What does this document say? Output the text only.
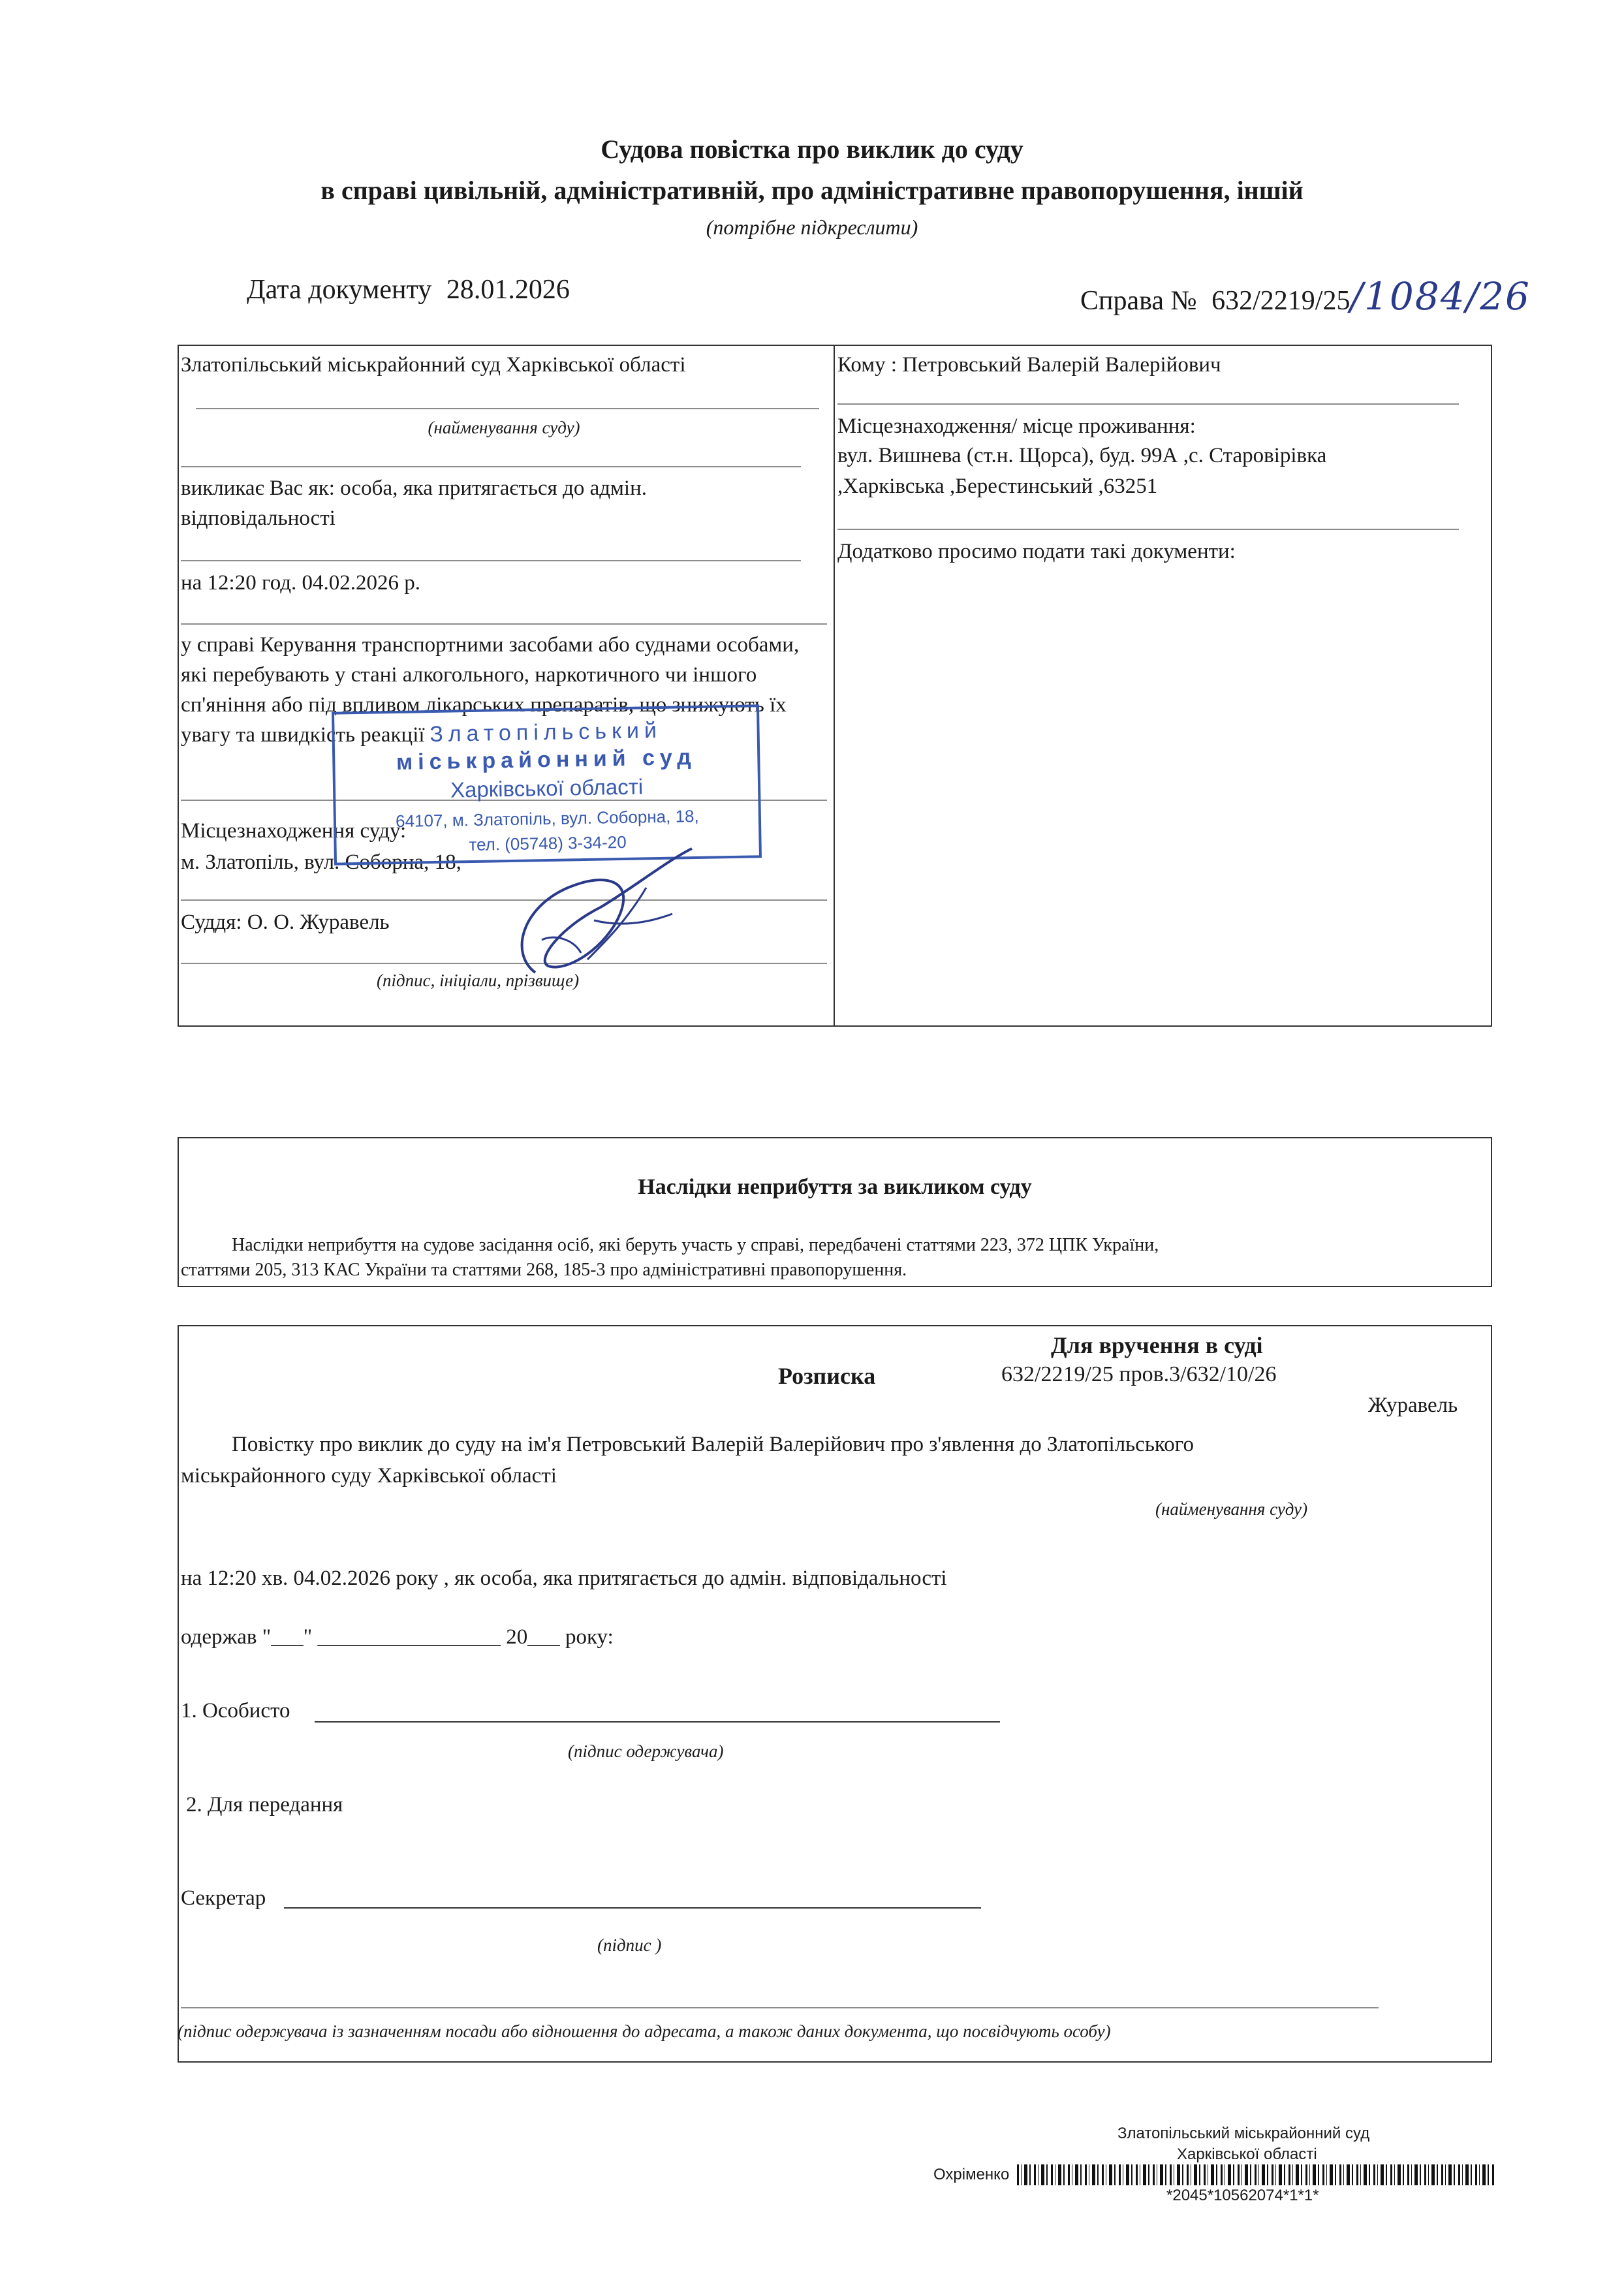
Судова повістка про виклик до суду
в справі цивільній, адміністративній, про адміністративне правопорушення, іншій
(потрібне підкреслити)
Дата документу 28.01.2026	Справа № 632/2219/25/1084/26
Златопільський міськрайонний суд Харківської області
(найменування суду)
викликає Вас як: особа, яка притягається до адмін. відповідальності
на 12:20 год. 04.02.2026 р.
у справі Керування транспортними засобами або суднами особами, які перебувають у стані алкогольного, наркотичного чи іншого сп'яніння або під впливом лікарських препаратів, що знижують їх увагу та швидкість реакції
Місцезнаходження суду:
м. Златопіль, вул. Соборна, 18,
Суддя: О. О. Журавель
(підпис, ініціали, прізвище)
Кому : Петровський Валерій Валерійович
Місцезнаходження/ місце проживання:
вул. Вишнева (ст.н. Щорса), буд. 99А ,с. Старовірівка
,Харківська ,Берестинський ,63251
Додатково просимо подати такі документи:
Златопільський
міськрайонний суд
Харківської області
64107, м. Златопіль, вул. Соборна, 18,
тел. (05748) 3-34-20
Наслідки неприбуття за викликом суду
Наслідки неприбуття на судове засідання осіб, які беруть участь у справі, передбачені статтями 223, 372 ЦПК України,
статтями 205, 313 КАС України та статтями 268, 185-3 про адміністративні правопорушення.
Для вручення в суді
Розписка	632/2219/25 пров.3/632/10/26
Журавель
Повістку про виклик до суду на ім'я Петровський Валерій Валерійович про з'явлення до Златопільського
міськрайонного суду Харківської області
(найменування суду)
на 12:20 хв. 04.02.2026 року , як особа, яка притягається до адмін. відповідальності
одержав "___" _________________ 20___ року:
1. Особисто
(підпис одержувача)
2. Для передання
Секретар
(підпис )
(підпис одержувача із зазначенням посади або відношення до адресата, а також даних документа, що посвідчують особу)
Златопільський міськрайонний суд
Харківської області
Охріменко
*2045*10562074*1*1*
